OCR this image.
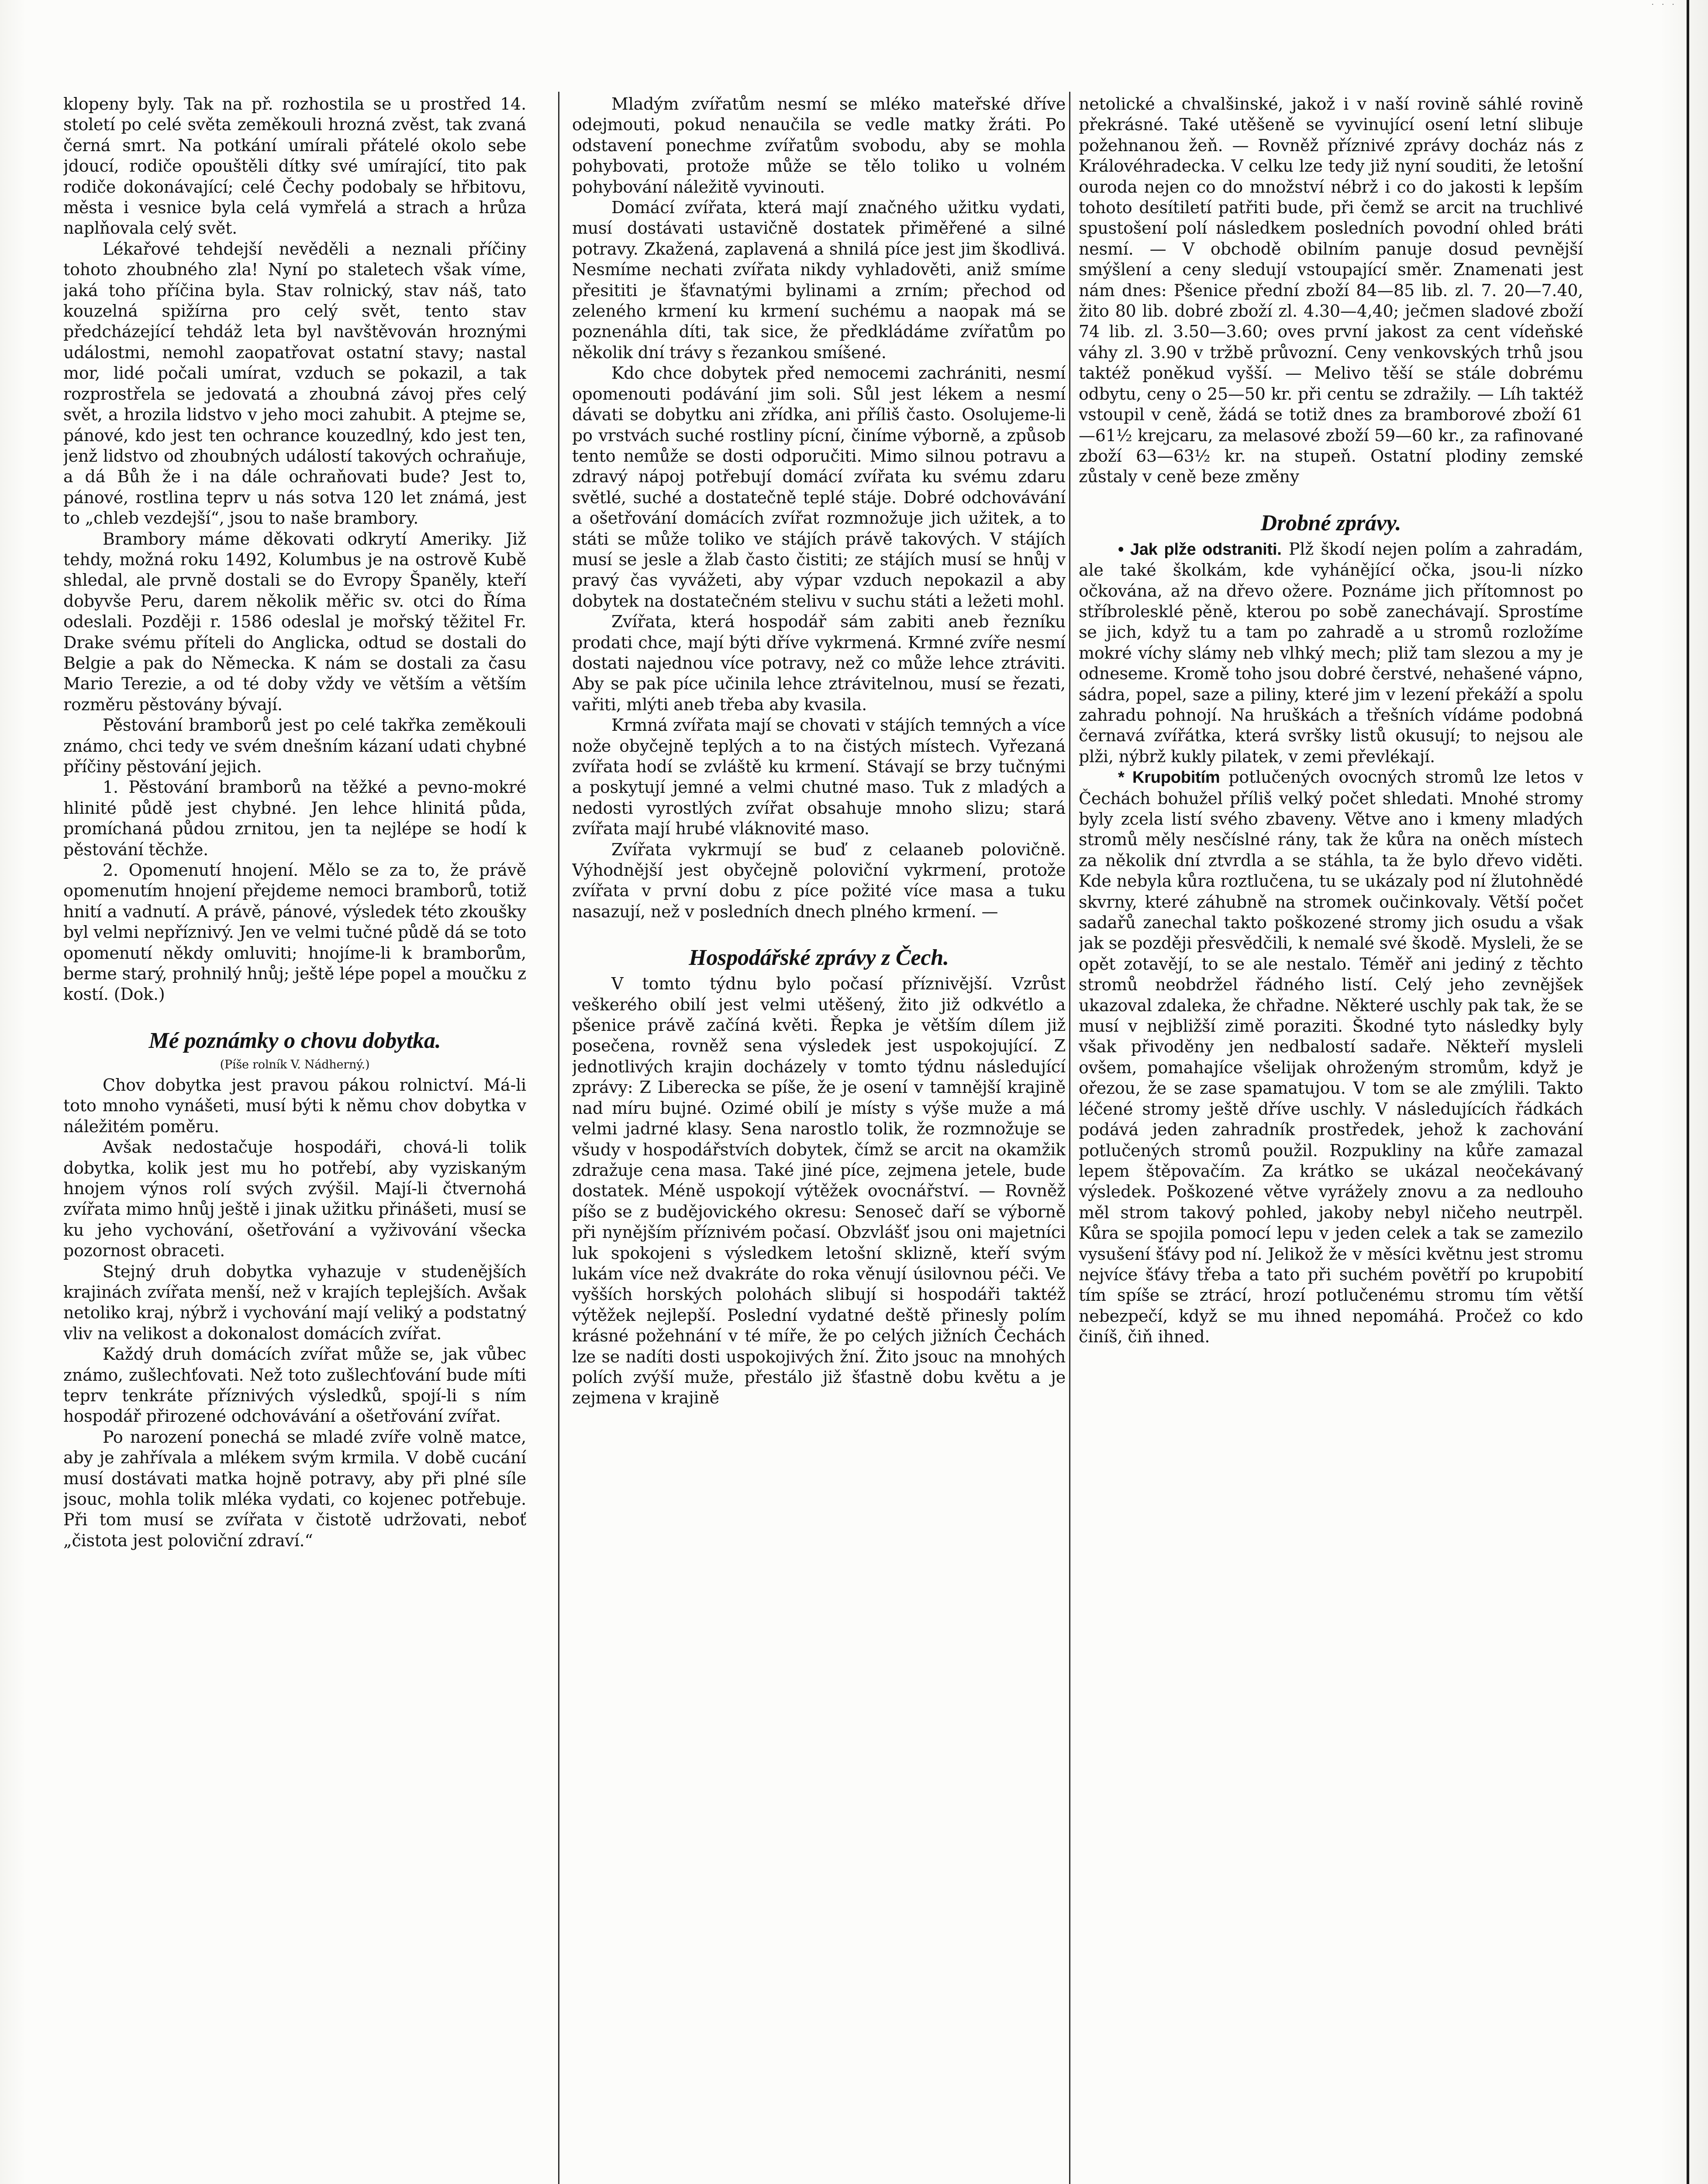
· · ·

klopeny byly. Tak na př. rozhostila se u prostřed 14. století po celé světa zeměkouli hrozná zvěst, tak zvaná černá smrt. Na potkání umírali přátelé okolo sebe jdoucí, rodiče opouštěli dítky své umírající, tito pak rodiče dokonávající; celé Čechy podobaly se hřbitovu, města i vesnice byla celá vymřelá a strach a hrůza naplňovala celý svět.

Lékařové tehdejší nevěděli a neznali příčiny tohoto zhoubného zla! Nyní po staletech však víme, jaká toho příčina byla. Stav rolnický, stav náš, tato kouzelná spižírna pro celý svět, tento stav předcházející tehdáž leta byl navštěvován hroznými událostmi, nemohl zaopatřovat ostatní stavy; nastal mor, lidé počali umírat, vzduch se pokazil, a tak rozprostřela se jedovatá a zhoubná závoj přes celý svět, a hrozila lidstvo v jeho moci zahubit. A ptejme se, pánové, kdo jest ten ochrance kouzedlný, kdo jest ten, jenž lidstvo od zhoubných událostí takových ochraňuje, a dá Bůh že i na dále ochraňovati bude? Jest to, pánové, rostlina teprv u nás sotva 120 let známá, jest to „chleb vezdejší“, jsou to naše brambory.

Brambory máme děkovati odkrytí Ameriky. Již tehdy, možná roku 1492, Kolumbus je na ostrově Kubě shledal, ale prvně dostali se do Evropy Španěly, kteří dobyvše Peru, darem několik měřic sv. otci do Říma odeslali. Později r. 1586 odeslal je mořský těžitel Fr. Drake svému příteli do Anglicka, odtud se dostali do Belgie a pak do Německa. K nám se dostali za času Mario Terezie, a od té doby vždy ve větším a větším rozměru pěstovány bývají.

Pěstování bramborů jest po celé takřka zeměkouli známo, chci tedy ve svém dnešním kázaní udati chybné příčiny pěstování jejich.

1. Pěstování bramborů na těžké a pevno-mokré hlinité půdě jest chybné. Jen lehce hlinitá půda, promíchaná půdou zrnitou, jen ta nejlépe se hodí k pěstování těchže.

2. Opomenutí hnojení. Mělo se za to, že právě opomenutím hnojení přejdeme nemoci bramborů, totiž hnití a vadnutí. A právě, pánové, výsledek této zkoušky byl velmi nepříznivý. Jen ve velmi tučné půdě dá se toto opomenutí někdy omluviti; hnojíme-li k bramborům, berme starý, prohnilý hnůj; ještě lépe popel a moučku z kostí. (Dok.)

Mé poznámky o chovu dobytka.
(Píše rolník V. Nádherný.)

Chov dobytka jest pravou pákou rolnictví. Má-li toto mnoho vynášeti, musí býti k němu chov dobytka v náležitém poměru.

Avšak nedostačuje hospodáři, chová-li tolik dobytka, kolik jest mu ho potřebí, aby vyziskaným hnojem výnos rolí svých zvýšil. Mají-li čtvernohá zvířata mimo hnůj ještě i jinak užitku přinášeti, musí se ku jeho vychování, ošetřování a vyživování všecka pozornost obraceti.

Stejný druh dobytka vyhazuje v studenějších krajinách zvířata menší, než v krajích teplejších. Avšak netoliko kraj, nýbrž i vychování mají veliký a podstatný vliv na velikost a dokonalost domácích zvířat.

Každý druh domácích zvířat může se, jak vůbec známo, zušlechťovati. Než toto zušlechťování bude míti teprv tenkráte příznivých výsledků, spojí-li s ním hospodář přirozené odchovávání a ošetřování zvířat.

Po narození ponechá se mladé zvíře volně matce, aby je zahřívala a mlékem svým krmila. V době cucání musí dostávati matka hojně potravy, aby při plné síle jsouc, mohla tolik mléka vydati, co kojenec potřebuje. Při tom musí se zvířata v čistotě udržovati, neboť „čistota jest poloviční zdraví.“

Mladým zvířatům nesmí se mléko mateřské dříve odejmouti, pokud nenaučila se vedle matky žráti. Po odstavení ponechme zvířatům svobodu, aby se mohla pohybovati, protože může se tělo toliko u volném pohybování náležitě vyvinouti.

Domácí zvířata, která mají značného užitku vydati, musí dostávati ustavičně dostatek přiměřené a silné potravy. Zkažená, zaplavená a shnilá píce jest jim škodlivá. Nesmíme nechati zvířata nikdy vyhladověti, aniž smíme přesititi je šťavnatými bylinami a zrním; přechod od zeleného krmení ku krmení suchému a naopak má se poznenáhla díti, tak sice, že předkládáme zvířatům po několik dní trávy s řezankou smíšené.

Kdo chce dobytek před nemocemi zachrániti, nesmí opomenouti podávání jim soli. Sůl jest lékem a nesmí dávati se dobytku ani zřídka, ani příliš často. Osolujeme-li po vrstvách suché rostliny pícní, činíme výborně, a způsob tento nemůže se dosti odporučiti. Mimo silnou potravu a zdravý nápoj potřebují domácí zvířata ku svému zdaru světlé, suché a dostatečně teplé stáje. Dobré odchovávání a ošetřování domácích zvířat rozmnožuje jich užitek, a to státi se může toliko ve stájích právě takových. V stájích musí se jesle a žlab často čistiti; ze stájích musí se hnůj v pravý čas vyvážeti, aby výpar vzduch nepokazil a aby dobytek na dostatečném stelivu v suchu státi a ležeti mohl.

Zvířata, která hospodář sám zabiti aneb řezníku prodati chce, mají býti dříve vykrmená. Krmné zvíře nesmí dostati najednou více potravy, než co může lehce ztráviti. Aby se pak píce učinila lehce ztrávitelnou, musí se řezati, vařiti, mlýti aneb třeba aby kvasila.

Krmná zvířata mají se chovati v stájích temných a více nože obyčejně teplých a to na čistých místech. Vyřezaná zvířata hodí se zvláště ku krmení. Stávají se brzy tučnými a poskytují jemné a velmi chutné maso. Tuk z mladých a nedosti vyrostlých zvířat obsahuje mnoho slizu; stará zvířata mají hrubé vláknovité maso.

Zvířata vykrmují se buď z celaaneb polovičně. Výhodnější jest obyčejně poloviční vykrmení, protože zvířata v první dobu z píce požité více masa a tuku nasazují, než v posledních dnech plného krmení. —

Hospodářské zprávy z Čech.

V tomto týdnu bylo počasí příznivější. Vzrůst veškerého obilí jest velmi utěšený, žito již odkvétlo a pšenice právě začíná květi. Řepka je větším dílem již posečena, rovněž sena výsledek jest uspokojující. Z jednotlivých krajin docházely v tomto týdnu následující zprávy: Z Liberecka se píše, že je osení v tamnější krajině nad míru bujné. Ozimé obilí je místy s výše muže a má velmi jadrné klasy. Sena narostlo tolik, že rozmnožuje se všudy v hospodářstvích dobytek, čímž se arcit na okamžik zdražuje cena masa. Také jiné píce, zejmena jetele, bude dostatek. Méně uspokojí výtěžek ovocnářství. — Rovněž píšo se z budějovického okresu: Senoseč daří se výborně při nynějším příznivém počasí. Obzvlášť jsou oni majetníci luk spokojeni s výsledkem letošní sklizně, kteří svým lukám více než dvakráte do roka věnují úsilovnou péči. Ve vyšších horských polohách slibují si hospodáři taktéž výtěžek nejlepší. Poslední vydatné deště přinesly polím krásné požehnání v té míře, že po celých jižních Čechách lze se nadíti dosti uspokojivých žní. Žito jsouc na mnohých polích zvýší muže, přestálo již šťastně dobu květu a je zejmena v krajině

netolické a chvalšinské, jakož i v naší rovině sáhlé rovině překrásné. Také utěšeně se vyvinující osení letní slibuje požehnanou žeň. — Rovněž příznivé zprávy docház nás z Královéhradecka. V celku lze tedy již nyní souditi, že letošní ouroda nejen co do množství nébrž i co do jakosti k lepším tohoto desítiletí patřiti bude, při čemž se arcit na truchlivé spustošení polí následkem posledních povodní ohled bráti nesmí. — V obchodě obilním panuje dosud pevnější smýšlení a ceny sledují vstoupající směr. Znamenati jest nám dnes: Pšenice přední zboží 84—85 lib. zl. 7. 20—7.40, žito 80 lib. dobré zboží zl. 4.30—4,40; ječmen sladové zboží 74 lib. zl. 3.50—3.60; oves první jakost za cent vídeňské váhy zl. 3.90 v tržbě průvozní. Ceny venkovských trhů jsou taktéž poněkud vyšší. — Melivo těší se stále dobrému odbytu, ceny o 25—50 kr. při centu se zdražily. — Líh taktéž vstoupil v ceně, žádá se totiž dnes za bramborové zboží 61—61½ krejcaru, za melasové zboží 59—60 kr., za rafinované zboží 63—63½ kr. na stupeň. Ostatní plodiny zemské zůstaly v ceně beze změny

Drobné zprávy.

• Jak plže odstraniti. Plž škodí nejen polím a zahradám, ale také školkám, kde vyhánějící očka, jsou-li nízko očkována, až na dřevo ožere. Poznáme jich přítomnost po stříbrolesklé pěně, kterou po sobě zanechávají. Sprostíme se jich, když tu a tam po zahradě a u stromů rozložíme mokré víchy slámy neb vlhký mech; pliž tam slezou a my je odneseme. Kromě toho jsou dobré čerstvé, nehašené vápno, sádra, popel, saze a piliny, které jim v lezení překáží a spolu zahradu pohnojí. Na hruškách a třešních vídáme podobná černavá zvířátka, která svršky listů okusují; to nejsou ale plži, nýbrž kukly pilatek, v zemi převlékají.

* Krupobitím potlučených ovocných stromů lze letos v Čechách bohužel příliš velký počet shledati. Mnohé stromy byly zcela listí svého zbaveny. Větve ano i kmeny mladých stromů měly nesčíslné rány, tak že kůra na oněch místech za několik dní ztvrdla a se stáhla, ta že bylo dřevo viděti. Kde nebyla kůra roztlučena, tu se ukázaly pod ní žlutohnědé skvrny, které záhubně na stromek oučinkovaly. Větší počet sadařů zanechal takto poškozené stromy jich osudu a však jak se později přesvědčili, k nemalé své škodě. Mysleli, že se opět zotavějí, to se ale nestalo. Téměř ani jediný z těchto stromů neobdržel řádného listí. Celý jeho zevnějšek ukazoval zdaleka, že chřadne. Některé uschly pak tak, že se musí v nejbližší zimě poraziti. Škodné tyto následky byly však přivoděny jen nedbalostí sadaře. Někteří mysleli ovšem, pomahajíce všelijak ohroženým stromům, když je ořezou, že se zase spamatujou. V tom se ale zmýlili. Takto léčené stromy ještě dříve uschly. V následujících řádkách podává jeden zahradník prostředek, jehož k zachování potlučených stromů použil. Rozpukliny na kůře zamazal lepem štěpovačím. Za krátko se ukázal neočekávaný výsledek. Poškozené větve vyrážely znovu a za nedlouho měl strom takový pohled, jakoby nebyl ničeho neutrpěl. Kůra se spojila pomocí lepu v jeden celek a tak se zamezilo vysušení šťávy pod ní. Jelikož že v měsíci květnu jest stromu nejvíce šťávy třeba a tato při suchém povětří po krupobití tím spíše se ztrácí, hrozí potlučenému stromu tím větší nebezpečí, když se mu ihned nepomáhá. Pročež co kdo činíš, čiň ihned.
